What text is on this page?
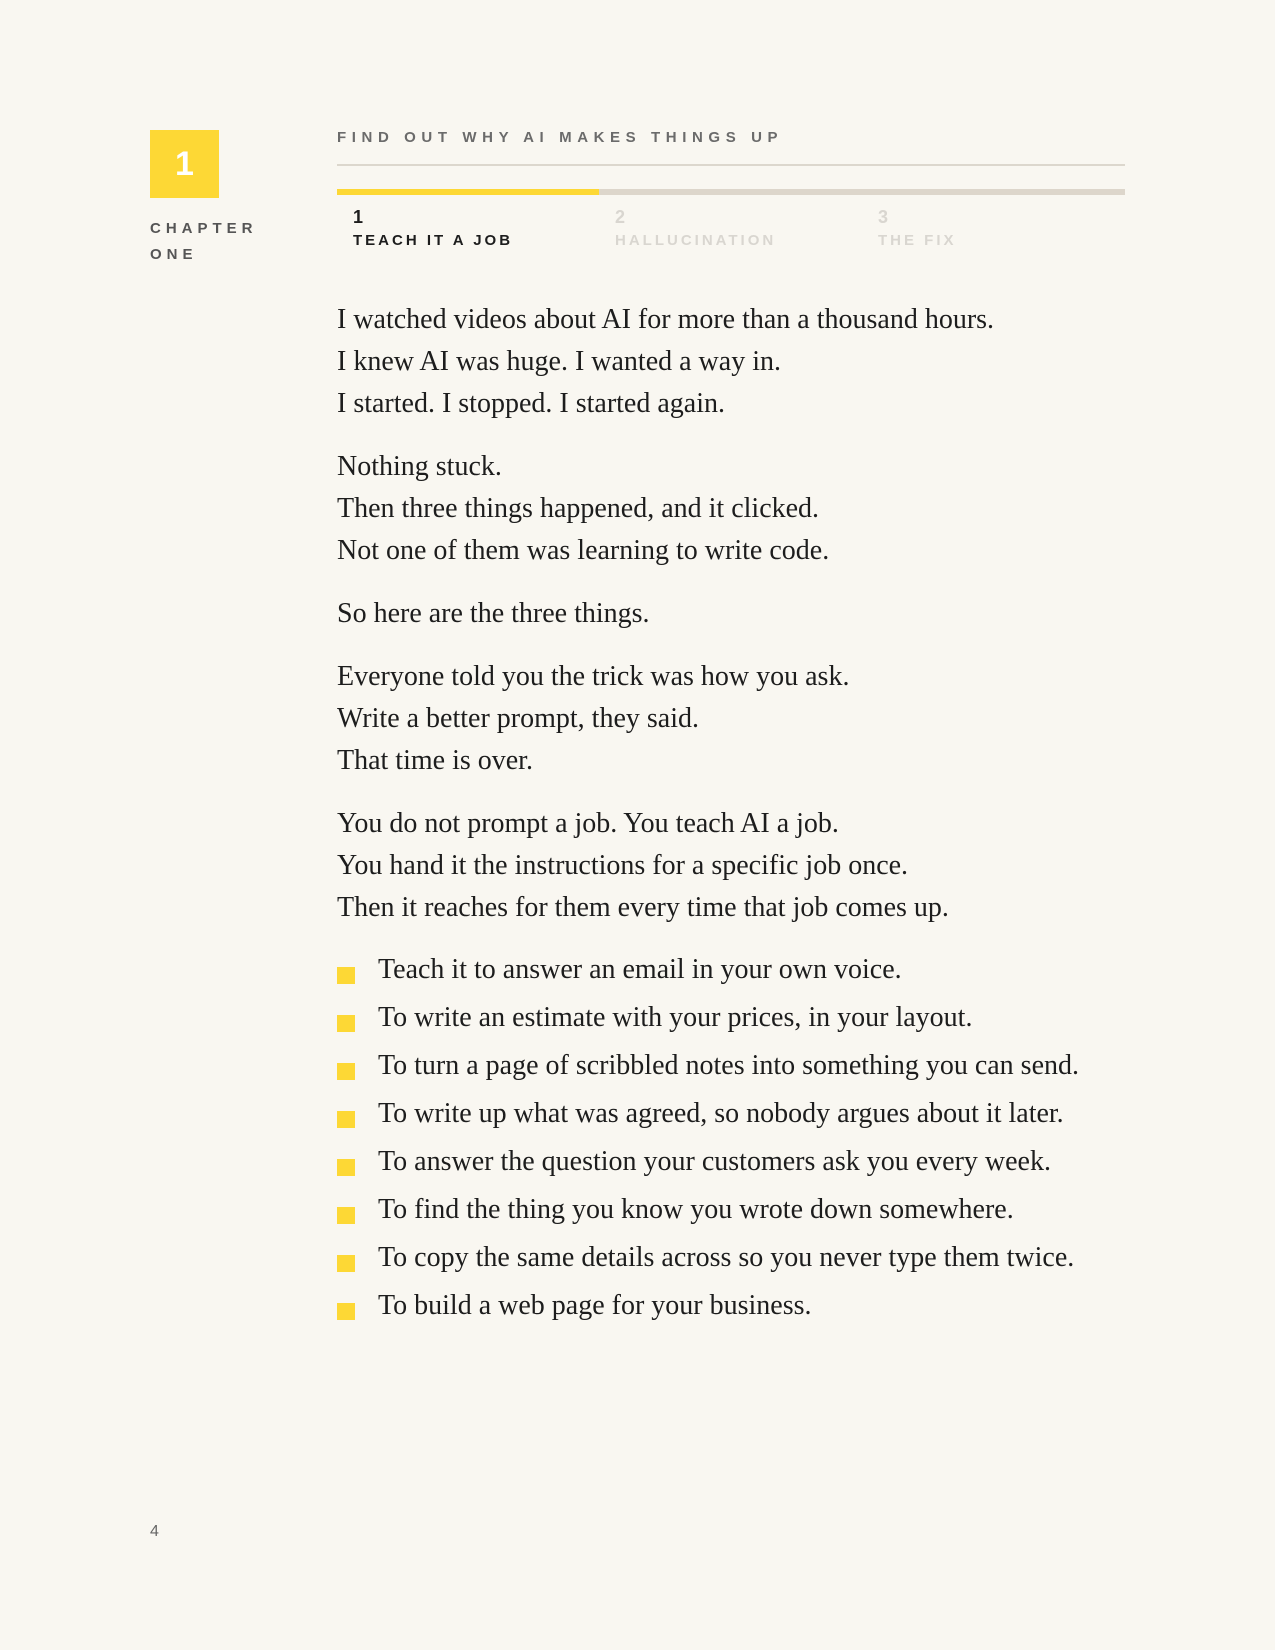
1
CHAPTER
ONE
FIND OUT WHY AI MAKES THINGS UP
1
TEACH IT A JOB
2
HALLUCINATION
3
THE FIX
I watched videos about AI for more than a thousand hours.
I knew AI was huge. I wanted a way in.
I started. I stopped. I started again.
Nothing stuck.
Then three things happened, and it clicked.
Not one of them was learning to write code.
So here are the three things.
Everyone told you the trick was how you ask.
Write a better prompt, they said.
That time is over.
You do not prompt a job. You teach AI a job.
You hand it the instructions for a specific job once.
Then it reaches for them every time that job comes up.
Teach it to answer an email in your own voice.
To write an estimate with your prices, in your layout.
To turn a page of scribbled notes into something you can send.
To write up what was agreed, so nobody argues about it later.
To answer the question your customers ask you every week.
To find the thing you know you wrote down somewhere.
To copy the same details across so you never type them twice.
To build a web page for your business.
4
